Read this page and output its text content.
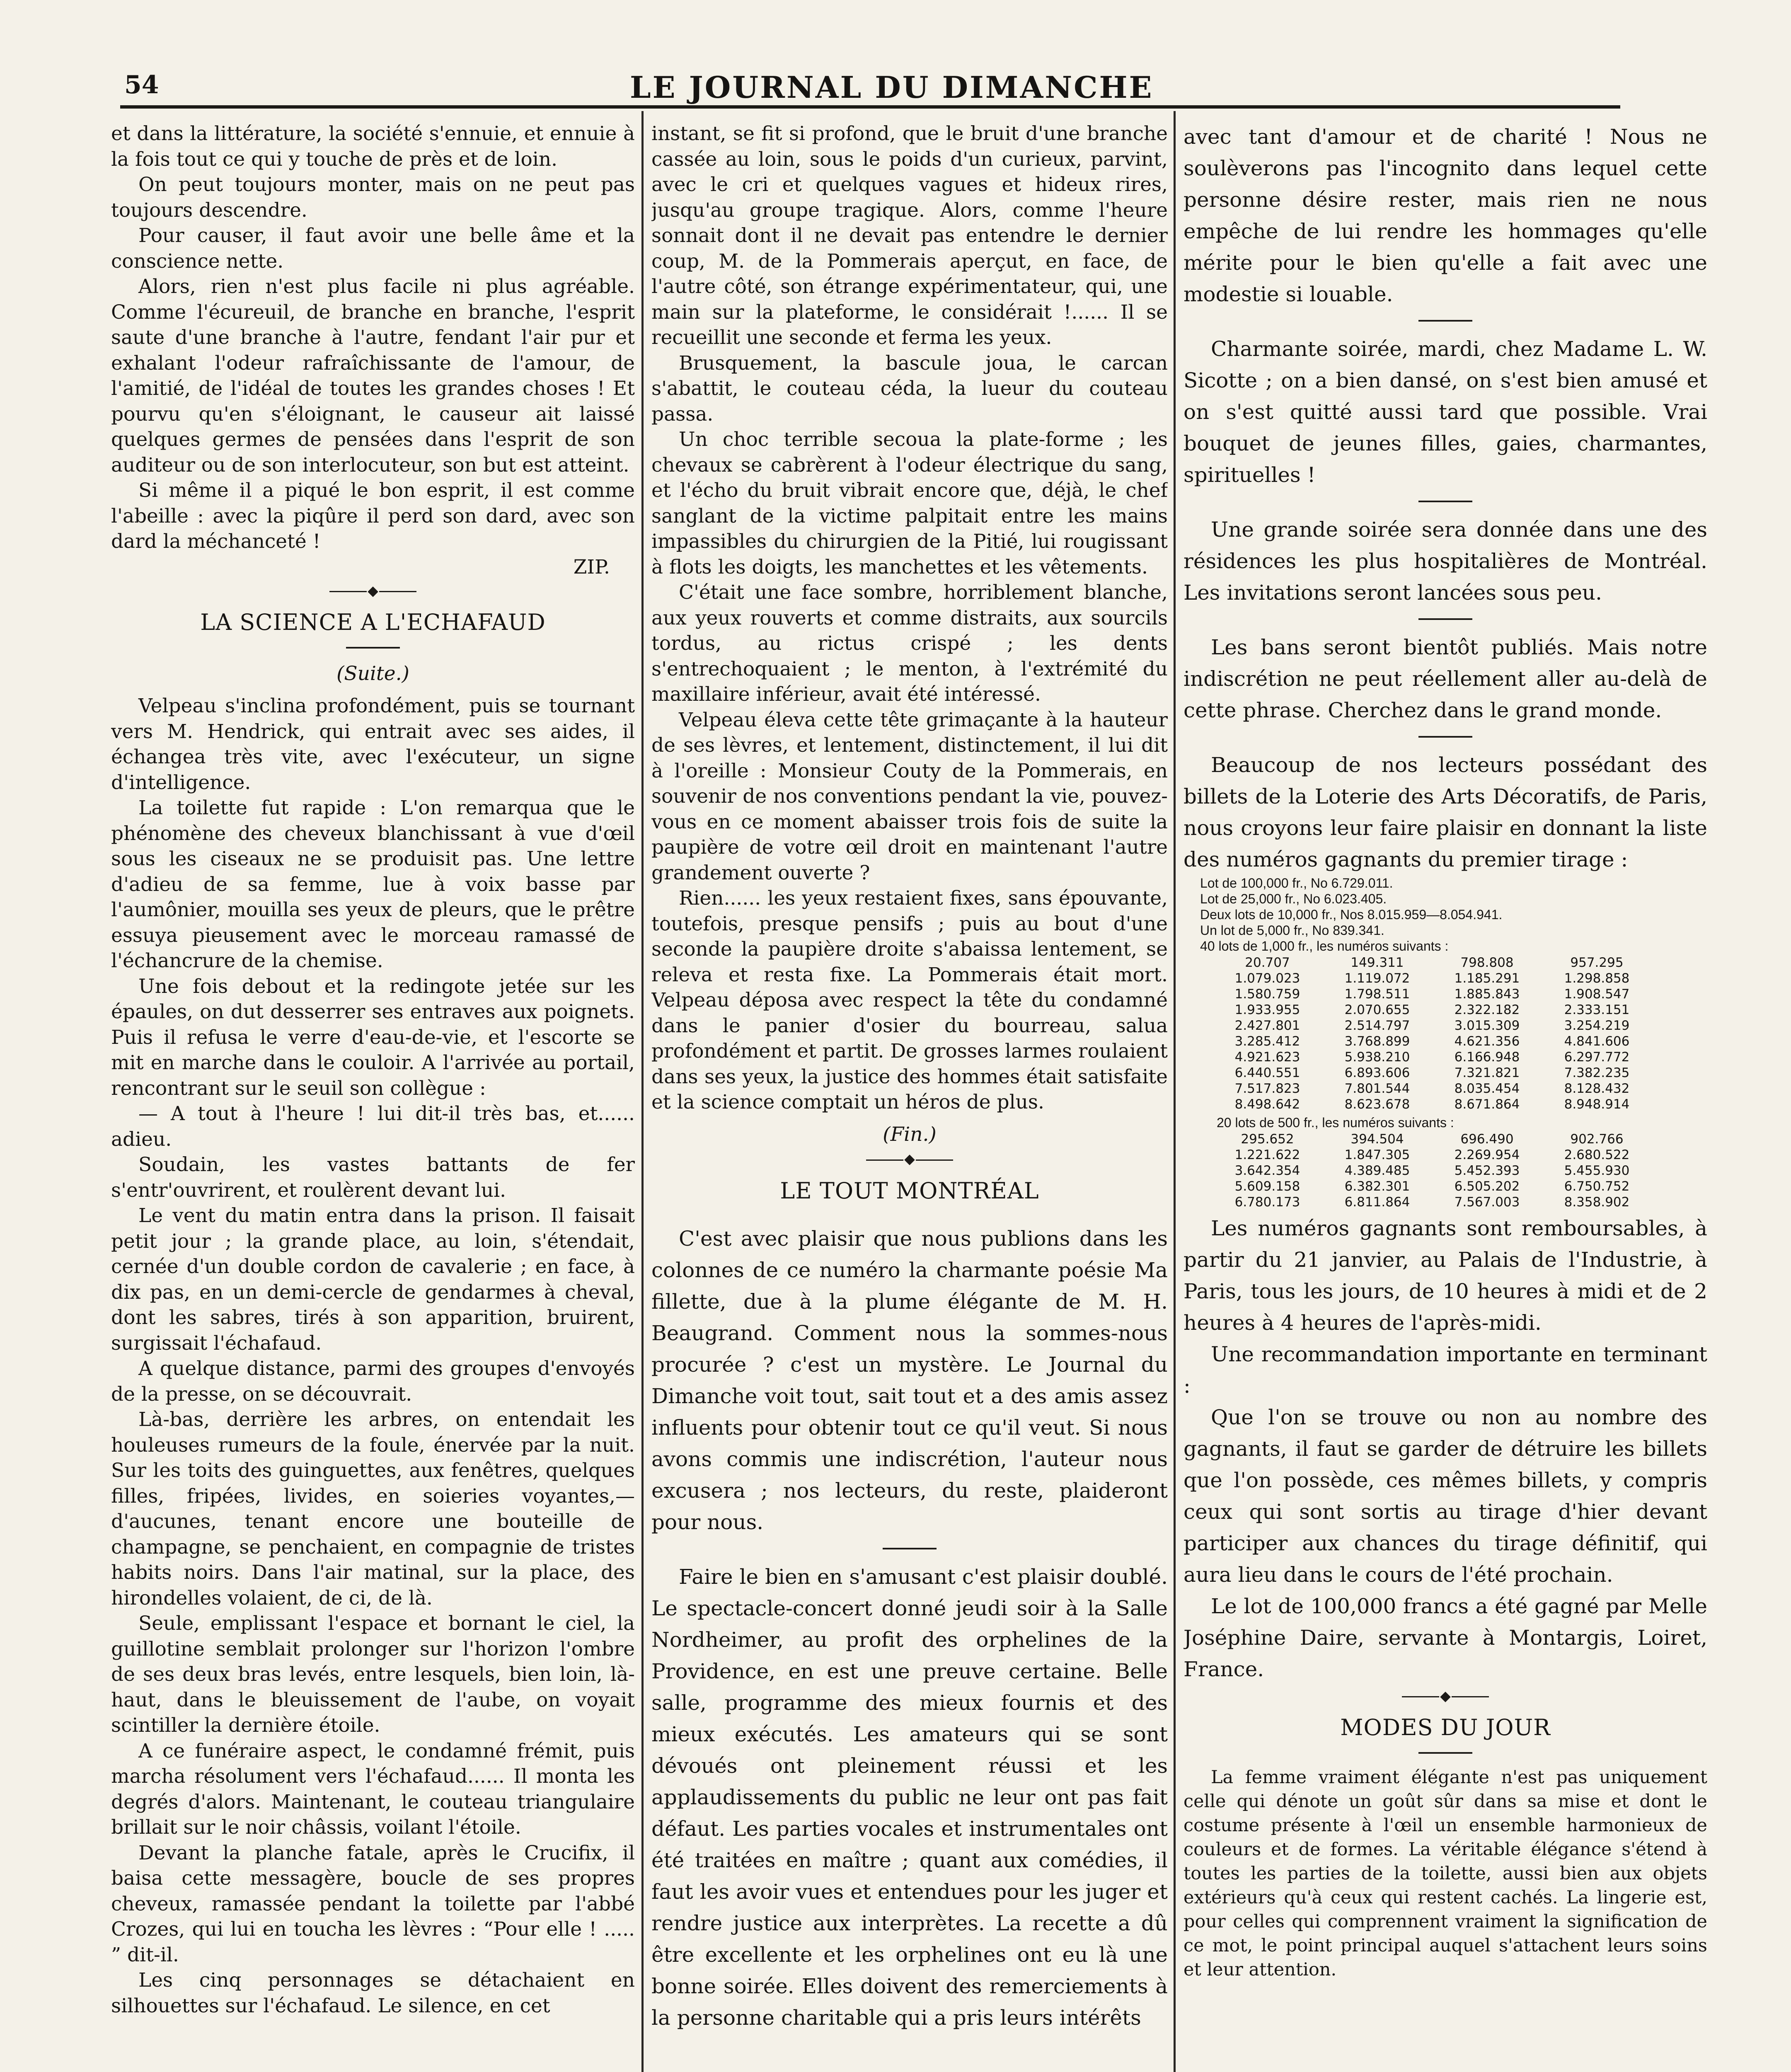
54	LE JOURNAL DU DIMANCHE

et dans la littérature, la société s'ennuie, et ennuie à la fois tout ce qui y touche de près et de loin.

On peut toujours monter, mais on ne peut pas toujours descendre.

Pour causer, il faut avoir une belle âme et la conscience nette.

Alors, rien n'est plus facile ni plus agréable. Comme l'écureuil, de branche en branche, l'esprit saute d'une branche à l'autre, fendant l'air pur et exhalant l'odeur rafraîchissante de l'amour, de l'amitié, de l'idéal de toutes les grandes choses ! Et pourvu qu'en s'éloignant, le causeur ait laissé quelques germes de pensées dans l'esprit de son auditeur ou de son interlocuteur, son but est atteint.

Si même il a piqué le bon esprit, il est comme l'abeille : avec la piqûre il perd son dard, avec son dard la méchanceté !

ZIP.

LA SCIENCE A L'ECHAFAUD

(Suite.)

Velpeau s'inclina profondément, puis se tournant vers M. Hendrick, qui entrait avec ses aides, il échangea très vite, avec l'exécuteur, un signe d'intelligence.

La toilette fut rapide : L'on remarqua que le phénomène des cheveux blanchissant à vue d'œil sous les ciseaux ne se produisit pas. Une lettre d'adieu de sa femme, lue à voix basse par l'aumônier, mouilla ses yeux de pleurs, que le prêtre essuya pieusement avec le morceau ramassé de l'échancrure de la chemise.

Une fois debout et la redingote jetée sur les épaules, on dut desserrer ses entraves aux poignets. Puis il refusa le verre d'eau-de-vie, et l'escorte se mit en marche dans le couloir. A l'arrivée au portail, rencontrant sur le seuil son collègue :

— A tout à l'heure ! lui dit-il très bas, et...... adieu.

Soudain, les vastes battants de fer s'entr'ouvrirent, et roulèrent devant lui.

Le vent du matin entra dans la prison. Il faisait petit jour ; la grande place, au loin, s'étendait, cernée d'un double cordon de cavalerie ; en face, à dix pas, en un demi-cercle de gendarmes à cheval, dont les sabres, tirés à son apparition, bruirent, surgissait l'échafaud.

A quelque distance, parmi des groupes d'envoyés de la presse, on se découvrait.

Là-bas, derrière les arbres, on entendait les houleuses rumeurs de la foule, énervée par la nuit. Sur les toits des guinguettes, aux fenêtres, quelques filles, fripées, livides, en soieries voyantes,— d'aucunes, tenant encore une bouteille de champagne, se penchaient, en compagnie de tristes habits noirs. Dans l'air matinal, sur la place, des hirondelles volaient, de ci, de là.

Seule, emplissant l'espace et bornant le ciel, la guillotine semblait prolonger sur l'horizon l'ombre de ses deux bras levés, entre lesquels, bien loin, là-haut, dans le bleuissement de l'aube, on voyait scintiller la dernière étoile.

A ce funéraire aspect, le condamné frémit, puis marcha résolument vers l'échafaud...... Il monta les degrés d'alors. Maintenant, le couteau triangulaire brillait sur le noir châssis, voilant l'étoile.

Devant la planche fatale, après le Crucifix, il baisa cette messagère, boucle de ses propres cheveux, ramassée pendant la toilette par l'abbé Crozes, qui lui en toucha les lèvres : “Pour elle ! ..... ” dit-il.

Les cinq personnages se détachaient en silhouettes sur l'échafaud. Le silence, en cet

instant, se fit si profond, que le bruit d'une branche cassée au loin, sous le poids d'un curieux, parvint, avec le cri et quelques vagues et hideux rires, jusqu'au groupe tragique. Alors, comme l'heure sonnait dont il ne devait pas entendre le dernier coup, M. de la Pommerais aperçut, en face, de l'autre côté, son étrange expérimentateur, qui, une main sur la plateforme, le considérait !...... Il se recueillit une seconde et ferma les yeux.

Brusquement, la bascule joua, le carcan s'abattit, le couteau céda, la lueur du couteau passa.

Un choc terrible secoua la plate-forme ; les chevaux se cabrèrent à l'odeur électrique du sang, et l'écho du bruit vibrait encore que, déjà, le chef sanglant de la victime palpitait entre les mains impassibles du chirurgien de la Pitié, lui rougissant à flots les doigts, les manchettes et les vêtements.

C'était une face sombre, horriblement blanche, aux yeux rouverts et comme distraits, aux sourcils tordus, au rictus crispé ; les dents s'entrechoquaient ; le menton, à l'extrémité du maxillaire inférieur, avait été intéressé.

Velpeau éleva cette tête grimaçante à la hauteur de ses lèvres, et lentement, distinctement, il lui dit à l'oreille : Monsieur Couty de la Pommerais, en souvenir de nos conventions pendant la vie, pouvez-vous en ce moment abaisser trois fois de suite la paupière de votre œil droit en maintenant l'autre grandement ouverte ?

Rien...... les yeux restaient fixes, sans épouvante, toutefois, presque pensifs ; puis au bout d'une seconde la paupière droite s'abaissa lentement, se releva et resta fixe. La Pommerais était mort. Velpeau déposa avec respect la tête du condamné dans le panier d'osier du bourreau, salua profondément et partit. De grosses larmes roulaient dans ses yeux, la justice des hommes était satisfaite et la science comptait un héros de plus.

(Fin.)

LE TOUT MONTRÉAL

C'est avec plaisir que nous publions dans les colonnes de ce numéro la charmante poésie Ma fillette, due à la plume élégante de M. H. Beaugrand. Comment nous la sommes-nous procurée ? c'est un mystère. Le Journal du Dimanche voit tout, sait tout et a des amis assez influents pour obtenir tout ce qu'il veut. Si nous avons commis une indiscrétion, l'auteur nous excusera ; nos lecteurs, du reste, plaideront pour nous.

Faire le bien en s'amusant c'est plaisir doublé. Le spectacle-concert donné jeudi soir à la Salle Nordheimer, au profit des orphelines de la Providence, en est une preuve certaine. Belle salle, programme des mieux fournis et des mieux exécutés. Les amateurs qui se sont dévoués ont pleinement réussi et les applaudissements du public ne leur ont pas fait défaut. Les parties vocales et instrumentales ont été traitées en maître ; quant aux comédies, il faut les avoir vues et entendues pour les juger et rendre justice aux interprètes. La recette a dû être excellente et les orphelines ont eu là une bonne soirée. Elles doivent des remerciements à la personne charitable qui a pris leurs intérêts

avec tant d'amour et de charité ! Nous ne soulèverons pas l'incognito dans lequel cette personne désire rester, mais rien ne nous empêche de lui rendre les hommages qu'elle mérite pour le bien qu'elle a fait avec une modestie si louable.

Charmante soirée, mardi, chez Madame L. W. Sicotte ; on a bien dansé, on s'est bien amusé et on s'est quitté aussi tard que possible. Vrai bouquet de jeunes filles, gaies, charmantes, spirituelles !

Une grande soirée sera donnée dans une des résidences les plus hospitalières de Montréal. Les invitations seront lancées sous peu.

Les bans seront bientôt publiés. Mais notre indiscrétion ne peut réellement aller au-delà de cette phrase. Cherchez dans le grand monde.

Beaucoup de nos lecteurs possédant des billets de la Loterie des Arts Décoratifs, de Paris, nous croyons leur faire plaisir en donnant la liste des numéros gagnants du premier tirage :

Lot de 100,000 fr., No 6.729.011.

Lot de 25,000 fr., No 6.023.405.

Deux lots de 10,000 fr., Nos 8.015.959—8.054.941.

Un lot de 5,000 fr., No 839.341.

40 lots de 1,000 fr., les numéros suivants :

20.707	149.311	798.808	957.295
1.079.023	1.119.072	1.185.291	1.298.858
1.580.759	1.798.511	1.885.843	1.908.547
1.933.955	2.070.655	2.322.182	2.333.151
2.427.801	2.514.797	3.015.309	3.254.219
3.285.412	3.768.899	4.621.356	4.841.606
4.921.623	5.938.210	6.166.948	6.297.772
6.440.551	6.893.606	7.321.821	7.382.235
7.517.823	7.801.544	8.035.454	8.128.432
8.498.642	8.623.678	8.671.864	8.948.914

20 lots de 500 fr., les numéros suivants :

295.652	394.504	696.490	902.766
1.221.622	1.847.305	2.269.954	2.680.522
3.642.354	4.389.485	5.452.393	5.455.930
5.609.158	6.382.301	6.505.202	6.750.752
6.780.173	6.811.864	7.567.003	8.358.902

Les numéros gagnants sont remboursables, à partir du 21 janvier, au Palais de l'Industrie, à Paris, tous les jours, de 10 heures à midi et de 2 heures à 4 heures de l'après-midi.

Une recommandation importante en terminant :

Que l'on se trouve ou non au nombre des gagnants, il faut se garder de détruire les billets que l'on possède, ces mêmes billets, y compris ceux qui sont sortis au tirage d'hier devant participer aux chances du tirage définitif, qui aura lieu dans le cours de l'été prochain.

Le lot de 100,000 francs a été gagné par Melle Joséphine Daire, servante à Montargis, Loiret, France.

MODES DU JOUR

La femme vraiment élégante n'est pas uniquement celle qui dénote un goût sûr dans sa mise et dont le costume présente à l'œil un ensemble harmonieux de couleurs et de formes. La véritable élégance s'étend à toutes les parties de la toilette, aussi bien aux objets extérieurs qu'à ceux qui restent cachés. La lingerie est, pour celles qui comprennent vraiment la signification de ce mot, le point principal auquel s'attachent leurs soins et leur attention.
